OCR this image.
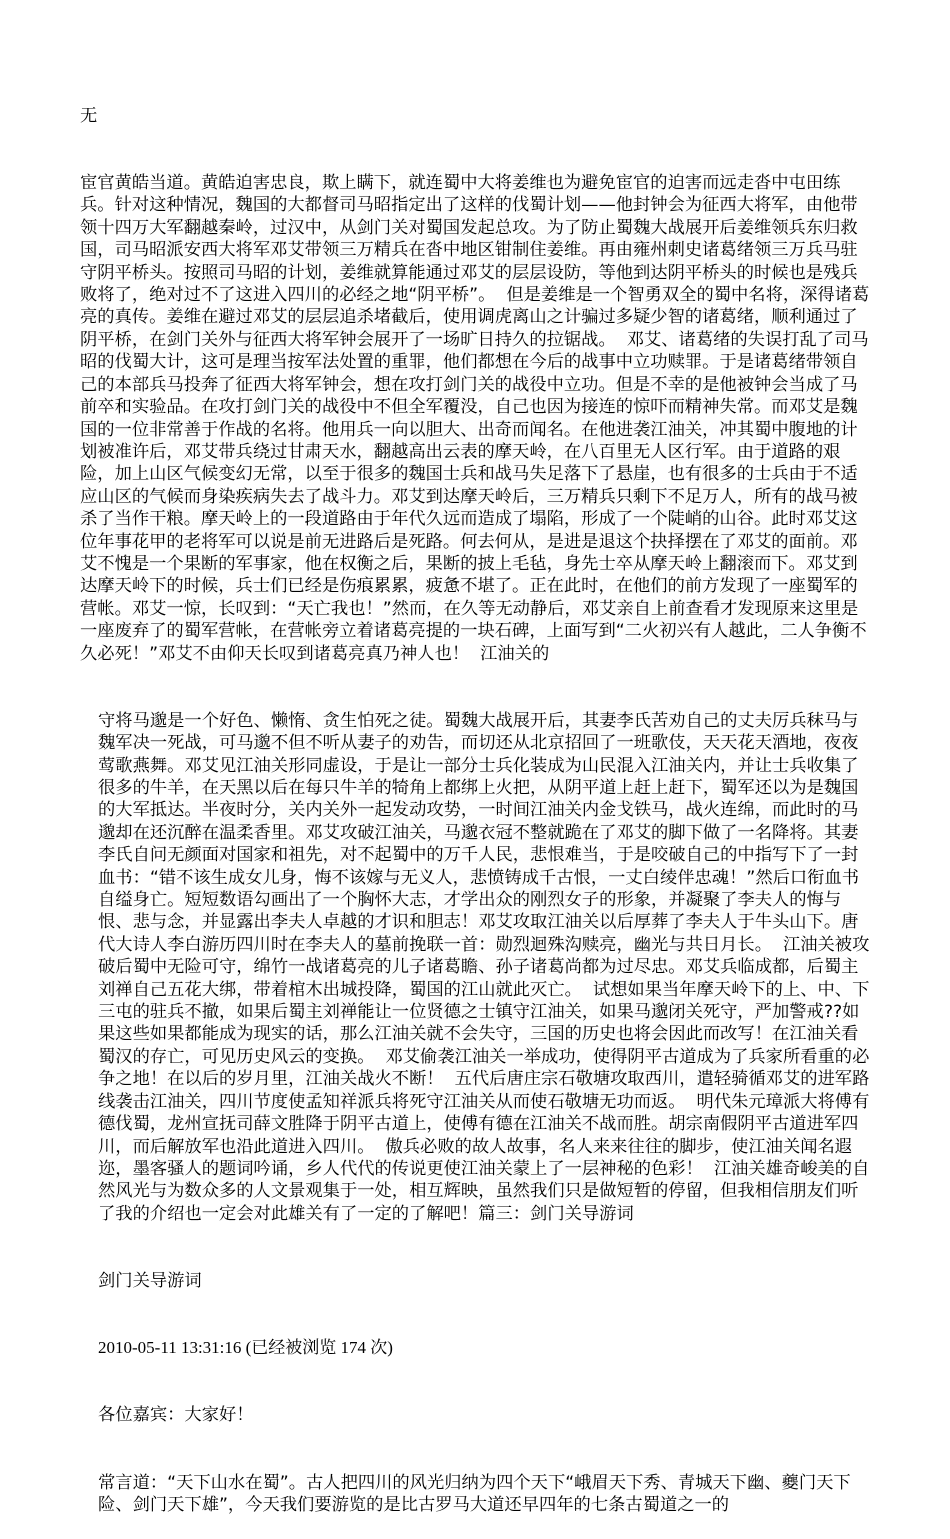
无

宦官黄皓当道。黄皓迫害忠良，欺上瞒下，就连蜀中大将姜维也为避免宦官的迫害而远走沓中屯田练兵。针对这种情况，魏国的大都督司马昭指定出了这样的伐蜀计划——他封钟会为征西大将军，由他带领十四万大军翻越秦岭，过汉中，从剑门关对蜀国发起总攻。为了防止蜀魏大战展开后姜维领兵东归救国，司马昭派安西大将军邓艾带领三万精兵在沓中地区钳制住姜维。再由雍州刺史诸葛绪领三万兵马驻守阴平桥头。按照司马昭的计划，姜维就算能通过邓艾的层层设防，等他到达阴平桥头的时候也是残兵败将了，绝对过不了这进入四川的必经之地“阴平桥”。  但是姜维是一个智勇双全的蜀中名将，深得诸葛亮的真传。姜维在避过邓艾的层层追杀堵截后，使用调虎离山之计骗过多疑少智的诸葛绪，顺利通过了阴平桥，在剑门关外与征西大将军钟会展开了一场旷日持久的拉锯战。  邓艾、诸葛绪的失误打乱了司马昭的伐蜀大计，这可是理当按军法处置的重罪，他们都想在今后的战事中立功赎罪。于是诸葛绪带领自己的本部兵马投奔了征西大将军钟会，想在攻打剑门关的战役中立功。但是不幸的是他被钟会当成了马前卒和实验品。在攻打剑门关的战役中不但全军覆没，自己也因为接连的惊吓而精神失常。而邓艾是魏国的一位非常善于作战的名将。他用兵一向以胆大、出奇而闻名。在他进袭江油关，冲其蜀中腹地的计划被准许后，邓艾带兵绕过甘肃天水，翻越高出云表的摩天岭，在八百里无人区行军。由于道路的艰险，加上山区气候变幻无常，以至于很多的魏国士兵和战马失足落下了悬崖，也有很多的士兵由于不适应山区的气候而身染疾病失去了战斗力。邓艾到达摩天岭后，三万精兵只剩下不足万人，所有的战马被杀了当作干粮。摩天岭上的一段道路由于年代久远而造成了塌陷，形成了一个陡峭的山谷。此时邓艾这位年事花甲的老将军可以说是前无进路后是死路。何去何从，是进是退这个抉择摆在了邓艾的面前。邓艾不愧是一个果断的军事家，他在权衡之后，果断的披上毛毡，身先士卒从摩天岭上翻滚而下。邓艾到达摩天岭下的时候，兵士们已经是伤痕累累，疲惫不堪了。正在此时，在他们的前方发现了一座蜀军的营帐。邓艾一惊，长叹到：“天亡我也！”然而，在久等无动静后，邓艾亲自上前查看才发现原来这里是一座废弃了的蜀军营帐，在营帐旁立着诸葛亮提的一块石碑，上面写到“二火初兴有人越此，二人争衡不久必死！”邓艾不由仰天长叹到诸葛亮真乃神人也！  江油关的

守将马邈是一个好色、懒惰、贪生怕死之徒。蜀魏大战展开后，其妻李氏苦劝自己的丈夫厉兵秣马与魏军决一死战，可马邈不但不听从妻子的劝告，而切还从北京招回了一班歌伎，天天花天酒地，夜夜莺歌燕舞。邓艾见江油关形同虚设，于是让一部分士兵化装成为山民混入江油关内，并让士兵收集了很多的牛羊，在天黑以后在每只牛羊的犄角上都绑上火把，从阴平道上赶上赶下，蜀军还以为是魏国的大军抵达。半夜时分，关内关外一起发动攻势，一时间江油关内金戈铁马，战火连绵，而此时的马邈却在还沉醉在温柔香里。邓艾攻破江油关，马邈衣冠不整就跪在了邓艾的脚下做了一名降将。其妻李氏自问无颜面对国家和祖先，对不起蜀中的万千人民，悲恨难当，于是咬破自己的中指写下了一封血书：“错不该生成女儿身，悔不该嫁与无义人，悲愤铸成千古恨，一丈白绫伴忠魂！”然后口衔血书自缢身亡。短短数语勾画出了一个胸怀大志，才学出众的刚烈女子的形象，并凝聚了李夫人的悔与恨、悲与念，并显露出李夫人卓越的才识和胆志！邓艾攻取江油关以后厚葬了李夫人于牛头山下。唐代大诗人李白游历四川时在李夫人的墓前挽联一首：勋烈迴殊沟赎亮，幽光与共日月长。  江油关被攻破后蜀中无险可守，绵竹一战诸葛亮的儿子诸葛瞻、孙子诸葛尚都为过尽忠。邓艾兵临成都，后蜀主刘禅自己五花大绑，带着棺木出城投降，蜀国的江山就此灭亡。  试想如果当年摩天岭下的上、中、下三屯的驻兵不撤，如果后蜀主刘禅能让一位贤德之士镇守江油关，如果马邈闭关死守，严加警戒??如果这些如果都能成为现实的话，那么江油关就不会失守，三国的历史也将会因此而改写！在江油关看蜀汉的存亡，可见历史风云的变换。  邓艾偷袭江油关一举成功，使得阴平古道成为了兵家所看重的必争之地！在以后的岁月里，江油关战火不断！  五代后唐庄宗石敬塘攻取西川，遣轻骑循邓艾的进军路线袭击江油关，四川节度使孟知祥派兵将死守江油关从而使石敬塘无功而返。  明代朱元璋派大将傅有德伐蜀，龙州宣抚司薛文胜降于阴平古道上，使傅有德在江油关不战而胜。胡宗南假阴平古道进军四川，而后解放军也沿此道进入四川。  傲兵必败的故人故事，名人来来往往的脚步，使江油关闻名遐迩，墨客骚人的题词吟诵，乡人代代的传说更使江油关蒙上了一层神秘的色彩！  江油关雄奇峻美的自然风光与为数众多的人文景观集于一处，相互辉映，虽然我们只是做短暂的停留，但我相信朋友们听了我的介绍也一定会对此雄关有了一定的了解吧！篇三：剑门关导游词

剑门关导游词

2010-05-11 13:31:16 (已经被浏览 174 次)

各位嘉宾：大家好！

常言道：“天下山水在蜀”。古人把四川的风光归纳为四个天下“峨眉天下秀、青城天下幽、夔门天下险、剑门天下雄”，今天我们要游览的是比古罗马大道还早四年的七条古蜀道之一的
